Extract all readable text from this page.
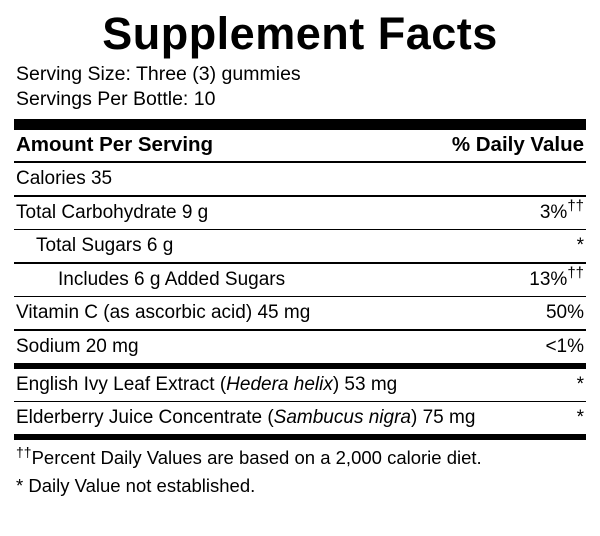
Supplement Facts
Serving Size: Three (3) gummies
Servings Per Bottle: 10
Amount Per Serving	% Daily Value
Calories 35
Total Carbohydrate 9 g	3%††
Total Sugars 6 g	*
Includes 6 g Added Sugars	13%††
Vitamin C (as ascorbic acid) 45 mg	50%
Sodium 20 mg	<1%
English Ivy Leaf Extract (Hedera helix) 53 mg	*
Elderberry Juice Concentrate (Sambucus nigra) 75 mg	*
††Percent Daily Values are based on a 2,000 calorie diet.
* Daily Value not established.
